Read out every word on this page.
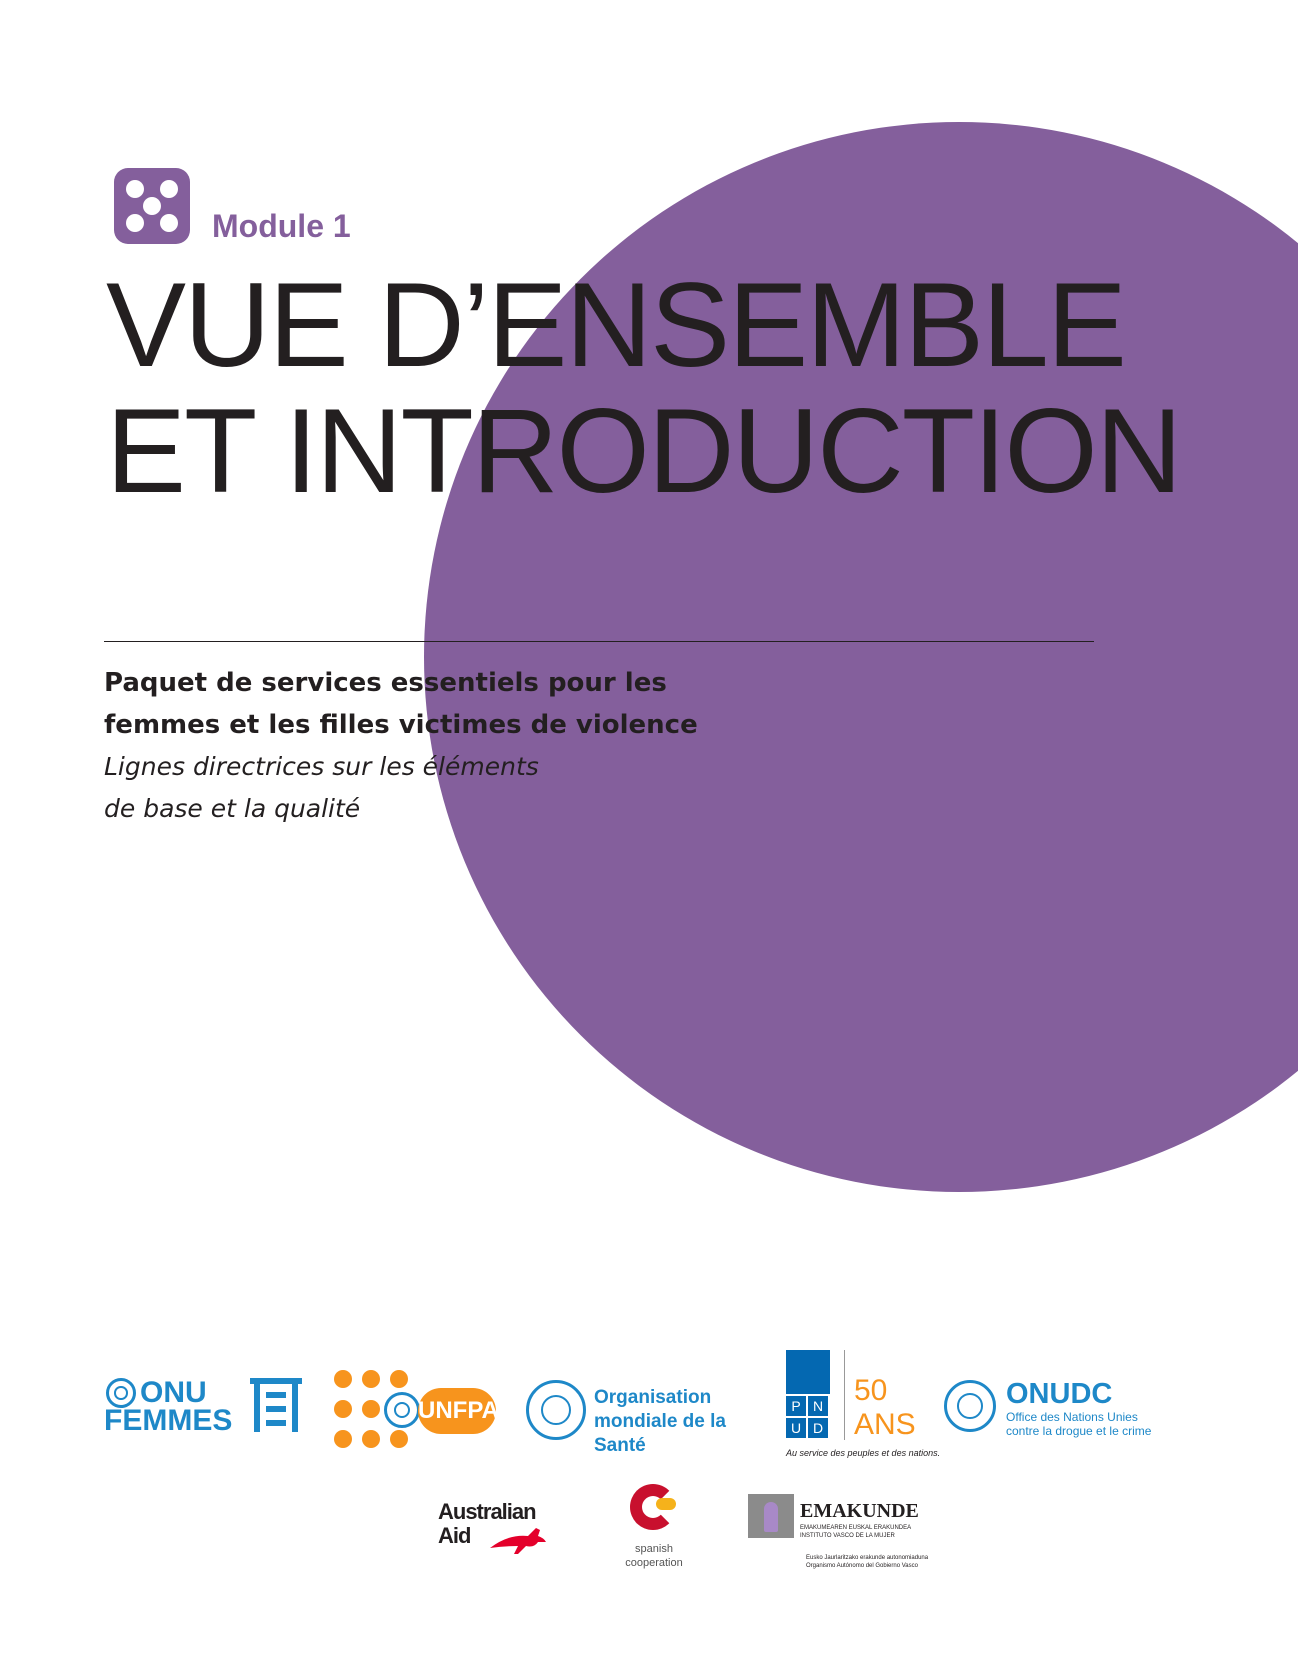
Module 1
VUE D’ENSEMBLE
ET INTRODUCTION
Paquet de services essentiels pour les
femmes et les filles victimes de violence
Lignes directrices sur les éléments
de base et la qualité
ONU
FEMMES	UNFPA	Organisation
mondiale de la Santé
P N
U D
50
ANS
Au service des peuples et des nations.
ONUDC
Office des Nations Unies
contre la drogue et le crime
Australian
Aid
spanish
cooperation
EMAKUNDE
EMAKUMEAREN EUSKAL ERAKUNDEA
INSTITUTO VASCO DE LA MUJER
Eusko Jaurlaritzako erakunde autonomiaduna
Organismo Autónomo del Gobierno Vasco
